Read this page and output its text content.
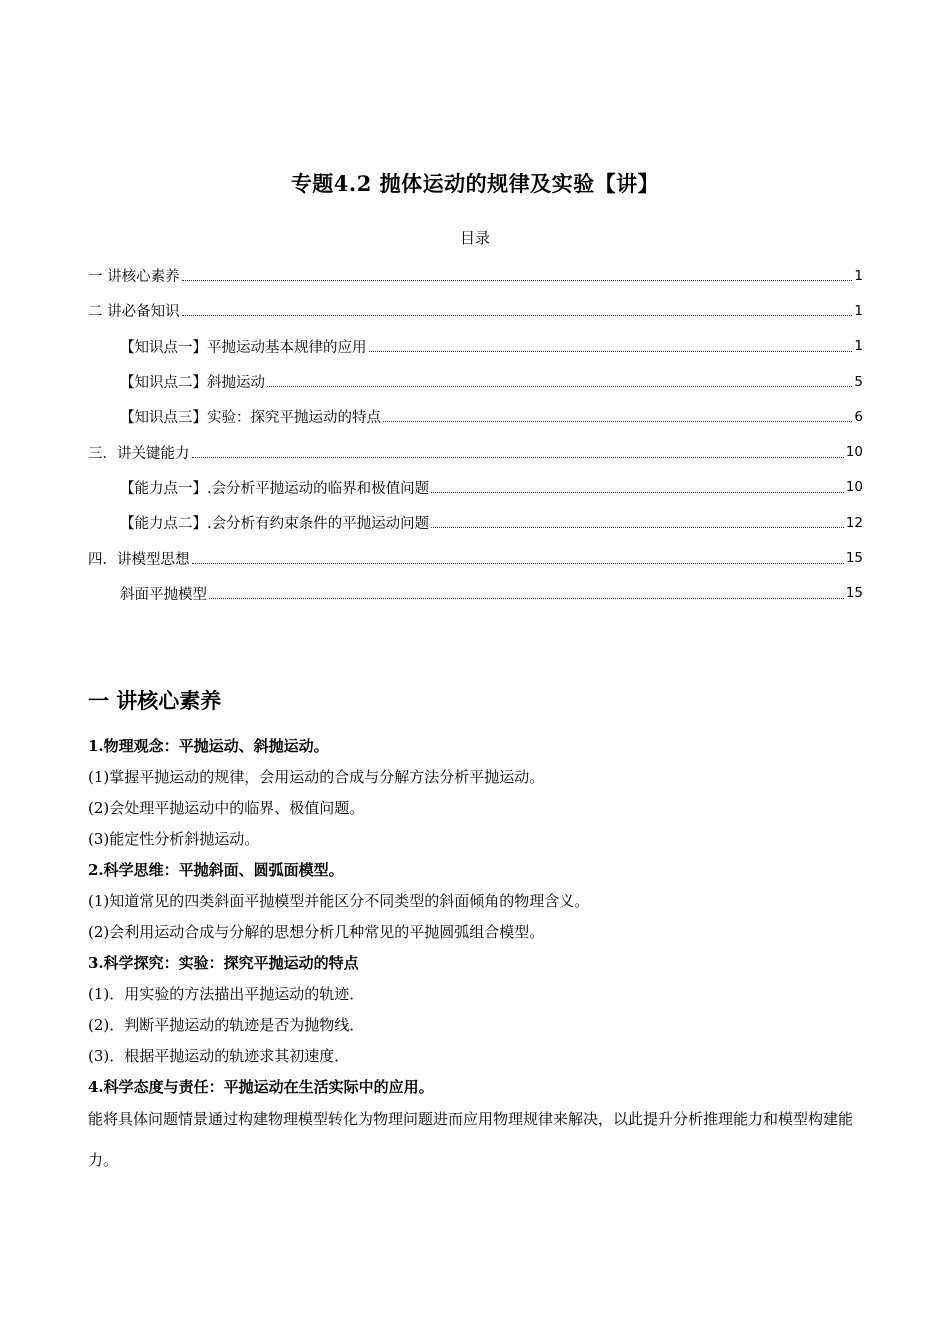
专题4.2 抛体运动的规律及实验【讲】
目录
一 讲核心素养	1
二 讲必备知识	1
【知识点一】平抛运动基本规律的应用	1
【知识点二】斜抛运动	5
【知识点三】实验：探究平抛运动的特点	6
三．讲关键能力	10
【能力点一】.会分析平抛运动的临界和极值问题	10
【能力点二】.会分析有约束条件的平抛运动问题	12
四．讲模型思想	15
斜面平抛模型	15
一 讲核心素养
1.物理观念：平抛运动、斜抛运动。
(1)掌握平抛运动的规律，会用运动的合成与分解方法分析平抛运动。
(2)会处理平抛运动中的临界、极值问题。
(3)能定性分析斜抛运动。
2.科学思维：平抛斜面、圆弧面模型。
(1)知道常见的四类斜面平抛模型并能区分不同类型的斜面倾角的物理含义。
(2)会利用运动合成与分解的思想分析几种常见的平抛圆弧组合模型。
3.科学探究：实验：探究平抛运动的特点
(1)．用实验的方法描出平抛运动的轨迹．
(2)．判断平抛运动的轨迹是否为抛物线．
(3)．根据平抛运动的轨迹求其初速度．
4.科学态度与责任：平抛运动在生活实际中的应用。
能将具体问题情景通过构建物理模型转化为物理问题进而应用物理规律来解决，以此提升分析推理能力和模型构建能力。
